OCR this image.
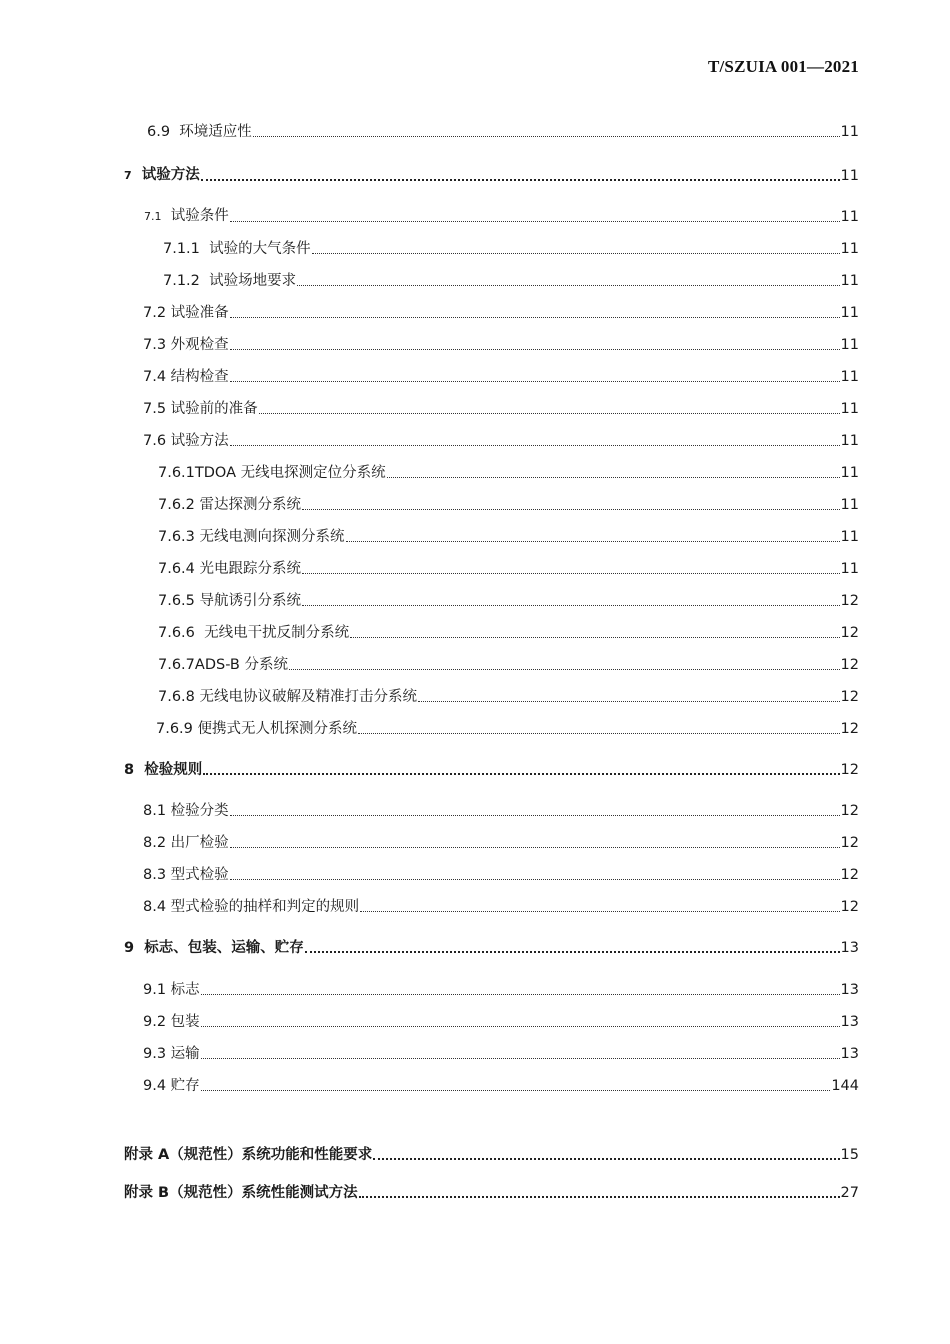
T/SZUIA 001—2021
6.9 环境适应性	11
7 试验方法	11
7.1 试验条件	11
7.1.1 试验的大气条件	11
7.1.2 试验场地要求	11
7.2 试验准备	11
7.3 外观检查	11
7.4 结构检查	11
7.5 试验前的准备	11
7.6 试验方法	11
7.6.1TDOA 无线电探测定位分系统	11
7.6.2 雷达探测分系统	11
7.6.3 无线电测向探测分系统	11
7.6.4 光电跟踪分系统	11
7.6.5 导航诱引分系统	12
7.6.6 无线电干扰反制分系统	12
7.6.7ADS-B 分系统	12
7.6.8 无线电协议破解及精准打击分系统	12
7.6.9 便携式无人机探测分系统	12
8 检验规则	12
8.1 检验分类	12
8.2 出厂检验	12
8.3 型式检验	12
8.4 型式检验的抽样和判定的规则	12
9 标志、包装、运输、贮存	13
9.1 标志	13
9.2 包装	13
9.3 运输	13
9.4 贮存	144
附录 A（规范性）系统功能和性能要求	15
附录 B（规范性）系统性能测试方法	27
